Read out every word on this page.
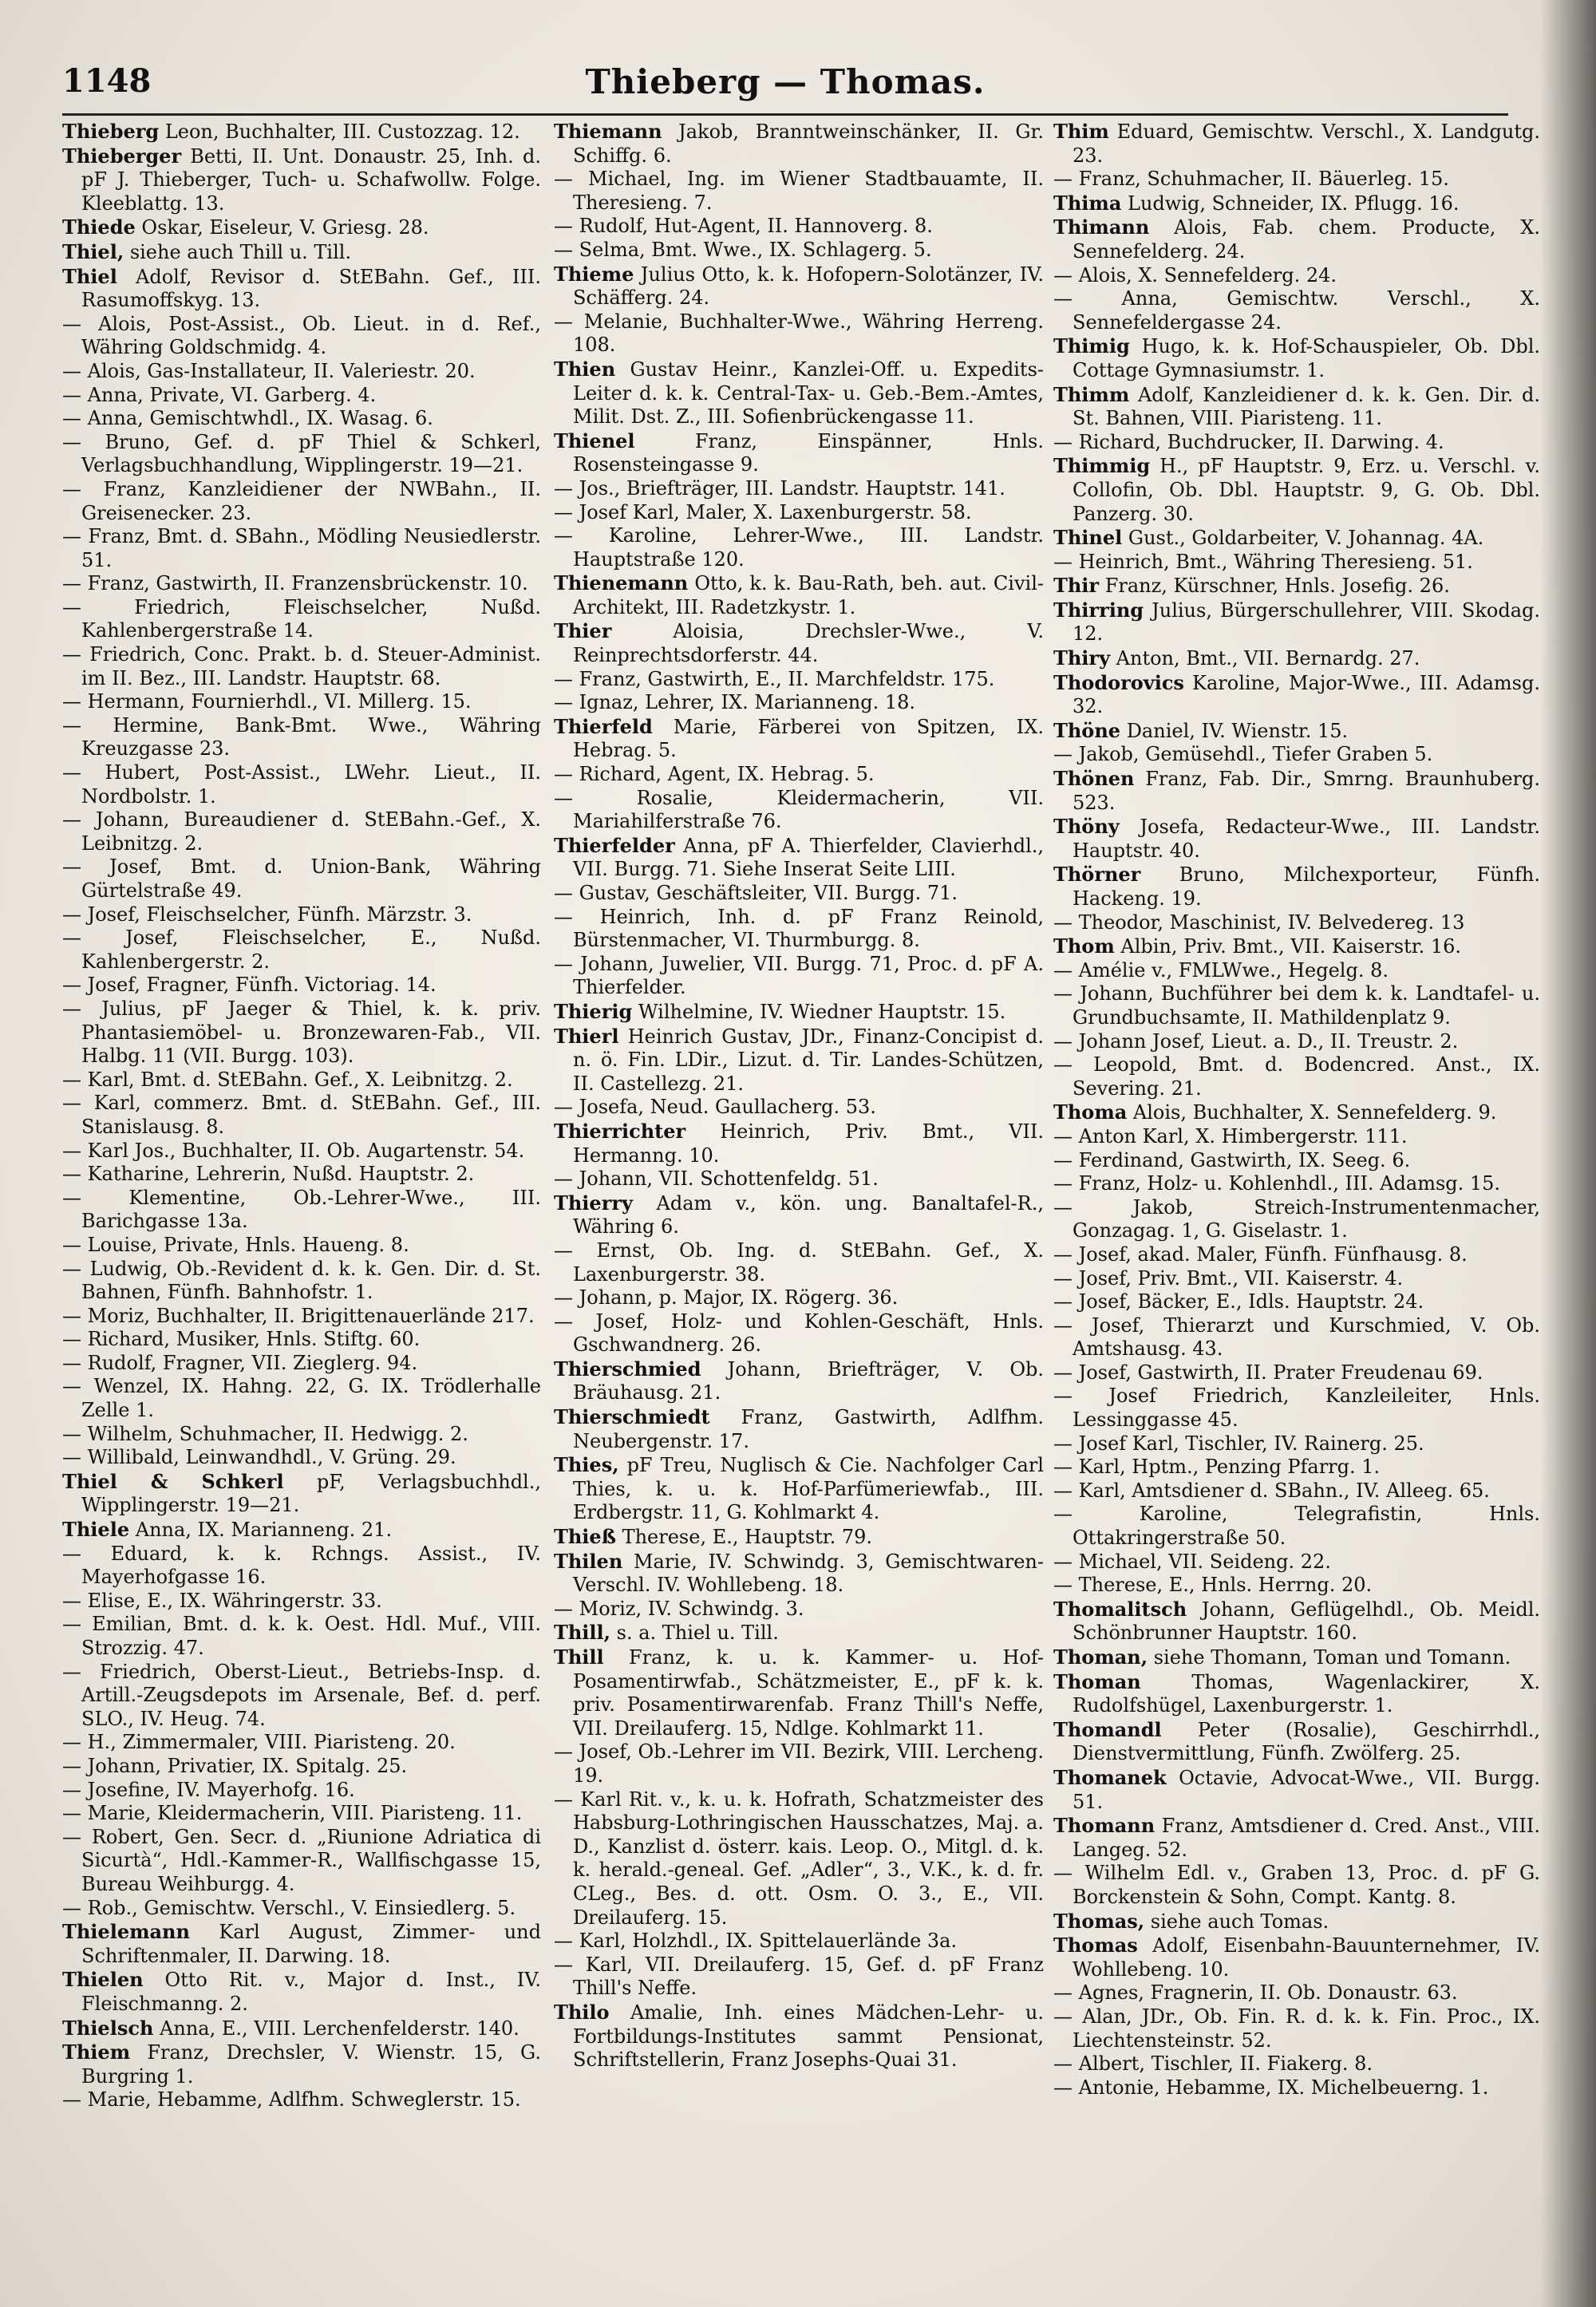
1148	Thieberg — Thomas.
Thieberg Leon, Buchhalter, III. Custozzag. 12.
Thieberger Betti, II. Unt. Donaustr. 25, Inh. d. pF J. Thieberger, Tuch- u. Schafwollw. Folge. Kleeblattg. 13.
Thiede Oskar, Eiseleur, V. Griesg. 28.
Thiel, siehe auch Thill u. Till.
Thiel Adolf, Revisor d. StEBahn. Gef., III. Rasumoffskyg. 13.
— Alois, Post-Assist., Ob. Lieut. in d. Ref., Währing Goldschmidg. 4.
— Alois, Gas-Installateur, II. Valeriestr. 20.
— Anna, Private, VI. Garberg. 4.
— Anna, Gemischtwhdl., IX. Wasag. 6.
— Bruno, Gef. d. pF Thiel & Schkerl, Verlagsbuchhandlung, Wipplingerstr. 19—21.
— Franz, Kanzleidiener der NWBahn., II. Greisenecker. 23.
— Franz, Bmt. d. SBahn., Mödling Neusiedlerstr. 51.
— Franz, Gastwirth, II. Franzensbrückenstr. 10.
— Friedrich, Fleischselcher, Nußd. Kahlenbergerstraße 14.
— Friedrich, Conc. Prakt. b. d. Steuer-Administ. im II. Bez., III. Landstr. Hauptstr. 68.
— Hermann, Fournierhdl., VI. Millerg. 15.
— Hermine, Bank-Bmt. Wwe., Währing Kreuzgasse 23.
— Hubert, Post-Assist., LWehr. Lieut., II. Nordbolstr. 1.
— Johann, Bureaudiener d. StEBahn.-Gef., X. Leibnitzg. 2.
— Josef, Bmt. d. Union-Bank, Währing Gürtelstraße 49.
— Josef, Fleischselcher, Fünfh. Märzstr. 3.
— Josef, Fleischselcher, E., Nußd. Kahlenbergerstr. 2.
— Josef, Fragner, Fünfh. Victoriag. 14.
— Julius, pF Jaeger & Thiel, k. k. priv. Phantasiemöbel- u. Bronzewaren-Fab., VII. Halbg. 11 (VII. Burgg. 103).
— Karl, Bmt. d. StEBahn. Gef., X. Leibnitzg. 2.
— Karl, commerz. Bmt. d. StEBahn. Gef., III. Stanislausg. 8.
— Karl Jos., Buchhalter, II. Ob. Augartenstr. 54.
— Katharine, Lehrerin, Nußd. Hauptstr. 2.
— Klementine, Ob.-Lehrer-Wwe., III. Barichgasse 13a.
— Louise, Private, Hnls. Haueng. 8.
— Ludwig, Ob.-Revident d. k. k. Gen. Dir. d. St. Bahnen, Fünfh. Bahnhofstr. 1.
— Moriz, Buchhalter, II. Brigittenauerlände 217.
— Richard, Musiker, Hnls. Stiftg. 60.
— Rudolf, Fragner, VII. Zieglerg. 94.
— Wenzel, IX. Hahng. 22, G. IX. Trödlerhalle Zelle 1.
— Wilhelm, Schuhmacher, II. Hedwigg. 2.
— Willibald, Leinwandhdl., V. Grüng. 29.
Thiel & Schkerl pF, Verlagsbuchhdl., Wipplingerstr. 19—21.
Thiele Anna, IX. Marianneng. 21.
— Eduard, k. k. Rchngs. Assist., IV. Mayerhofgasse 16.
— Elise, E., IX. Währingerstr. 33.
— Emilian, Bmt. d. k. k. Oest. Hdl. Muf., VIII. Strozzig. 47.
— Friedrich, Oberst-Lieut., Betriebs-Insp. d. Artill.-Zeugsdepots im Arsenale, Bef. d. perf. SLO., IV. Heug. 74.
— H., Zimmermaler, VIII. Piaristeng. 20.
— Johann, Privatier, IX. Spitalg. 25.
— Josefine, IV. Mayerhofg. 16.
— Marie, Kleidermacherin, VIII. Piaristeng. 11.
— Robert, Gen. Secr. d. „Riunione Adriatica di Sicurtà“, Hdl.-Kammer-R., Wallfischgasse 15, Bureau Weihburgg. 4.
— Rob., Gemischtw. Verschl., V. Einsiedlerg. 5.
Thielemann Karl August, Zimmer- und Schriftenmaler, II. Darwing. 18.
Thielen Otto Rit. v., Major d. Inst., IV. Fleischmanng. 2.
Thielsch Anna, E., VIII. Lerchenfelderstr. 140.
Thiem Franz, Drechsler, V. Wienstr. 15, G. Burgring 1.
— Marie, Hebamme, Adlfhm. Schweglerstr. 15.
Thiemann Jakob, Branntweinschänker, II. Gr. Schiffg. 6.
— Michael, Ing. im Wiener Stadtbauamte, II. Theresieng. 7.
— Rudolf, Hut-Agent, II. Hannoverg. 8.
— Selma, Bmt. Wwe., IX. Schlagerg. 5.
Thieme Julius Otto, k. k. Hofopern-Solotänzer, IV. Schäfferg. 24.
— Melanie, Buchhalter-Wwe., Währing Herreng. 108.
Thien Gustav Heinr., Kanzlei-Off. u. Expedits-Leiter d. k. k. Central-Tax- u. Geb.-Bem.-Amtes, Milit. Dst. Z., III. Sofienbrückengasse 11.
Thienel	Franz, Einspänner, Hnls. Rosensteingasse 9.
— Jos., Briefträger, III. Landstr. Hauptstr. 141.
— Josef Karl, Maler, X. Laxenburgerstr. 58.
— Karoline, Lehrer-Wwe., III. Landstr. Hauptstraße 120.
Thienemann Otto, k. k. Bau-Rath, beh. aut. Civil-Architekt, III. Radetzkystr. 1.
Thier	Aloisia, Drechsler-Wwe., V. Reinprechtsdorferstr. 44.
— Franz, Gastwirth, E., II. Marchfeldstr. 175.
— Ignaz, Lehrer, IX. Marianneng. 18.
Thierfeld Marie, Färberei von Spitzen, IX. Hebrag. 5.
— Richard, Agent, IX. Hebrag. 5.
— Rosalie, Kleidermacherin, VII. Mariahilferstraße 76.
Thierfelder Anna, pF A. Thierfelder, Clavierhdl., VII. Burgg. 71. Siehe Inserat Seite LIII.
— Gustav, Geschäftsleiter, VII. Burgg. 71.
— Heinrich, Inh. d. pF Franz Reinold, Bürstenmacher, VI. Thurmburgg. 8.
— Johann, Juwelier, VII. Burgg. 71, Proc. d. pF A. Thierfelder.
Thierig Wilhelmine, IV. Wiedner Hauptstr. 15.
Thierl Heinrich Gustav, JDr., Finanz-Concipist d. n. ö. Fin. LDir., Lizut. d. Tir. Landes-Schützen, II. Castellezg. 21.
— Josefa, Neud. Gaullacherg. 53.
Thierrichter Heinrich, Priv. Bmt., VII. Hermanng. 10.
— Johann, VII. Schottenfeldg. 51.
Thierry Adam v., kön. ung. Banaltafel-R., Währing 6.
— Ernst, Ob. Ing. d. StEBahn. Gef., X. Laxenburgerstr. 38.
— Johann, p. Major, IX. Rögerg. 36.
— Josef, Holz- und Kohlen-Geschäft, Hnls. Gschwandnerg. 26.
Thierschmied Johann, Briefträger, V. Ob. Bräuhausg. 21.
Thierschmiedt Franz, Gastwirth, Adlfhm. Neubergenstr. 17.
Thies, pF Treu, Nuglisch & Cie. Nachfolger Carl Thies, k. u. k. Hof-Parfümeriewfab., III. Erdbergstr. 11, G. Kohlmarkt 4.
Thieß Therese, E., Hauptstr. 79.
Thilen Marie, IV. Schwindg. 3, Gemischtwaren-Verschl. IV. Wohllebeng. 18.
— Moriz, IV. Schwindg. 3.
Thill, s. a. Thiel u. Till.
Thill Franz, k. u. k. Kammer- u. Hof-Posamentirwfab., Schätzmeister, E., pF k. k. priv. Posamentirwarenfab. Franz Thill's Neffe, VII. Dreilauferg. 15, Ndlge. Kohlmarkt 11.
— Josef, Ob.-Lehrer im VII. Bezirk, VIII. Lercheng. 19.
— Karl Rit. v., k. u. k. Hofrath, Schatzmeister des Habsburg-Lothringischen Hausschatzes, Maj. a. D., Kanzlist d. österr. kais. Leop. O., Mitgl. d. k. k. herald.-geneal. Gef. „Adler“, 3., V.K., k. d. fr. CLeg., Bes. d. ott. Osm. O. 3., E., VII. Dreilauferg. 15.
— Karl, Holzhdl., IX. Spittelauerlände 3a.
— Karl, VII. Dreilauferg. 15, Gef. d. pF Franz Thill's Neffe.
Thilo Amalie, Inh. eines Mädchen-Lehr- u. Fortbildungs-Institutes sammt Pensionat, Schriftstellerin, Franz Josephs-Quai 31.
Thim Eduard, Gemischtw. Verschl., X. Landgutg. 23.
— Franz, Schuhmacher, II. Bäuerleg. 15.
Thima Ludwig, Schneider, IX. Pflugg. 16.
Thimann Alois, Fab. chem. Producte, X. Sennefelderg. 24.
— Alois, X. Sennefelderg. 24.
— Anna, Gemischtw. Verschl., X. Sennefeldergasse 24.
Thimig Hugo, k. k. Hof-Schauspieler, Ob. Dbl. Cottage Gymnasiumstr. 1.
Thimm Adolf, Kanzleidiener d. k. k. Gen. Dir. d. St. Bahnen, VIII. Piaristeng. 11.
— Richard, Buchdrucker, II. Darwing. 4.
Thimmig H., pF Hauptstr. 9, Erz. u. Verschl. v. Collofin, Ob. Dbl. Hauptstr. 9, G. Ob. Dbl. Panzerg. 30.
Thinel Gust., Goldarbeiter, V. Johannag. 4A.
— Heinrich, Bmt., Währing Theresieng. 51.
Thir Franz, Kürschner, Hnls. Josefig. 26.
Thirring Julius, Bürgerschullehrer, VIII. Skodag. 12.
Thiry Anton, Bmt., VII. Bernardg. 27.
Thodorovics Karoline, Major-Wwe., III. Adamsg. 32.
Thöne Daniel, IV. Wienstr. 15.
— Jakob, Gemüsehdl., Tiefer Graben 5.
Thönen Franz, Fab. Dir., Smrng. Braunhuberg. 523.
Thöny Josefa, Redacteur-Wwe., III. Landstr. Hauptstr. 40.
Thörner Bruno, Milchexporteur, Fünfh. Hackeng. 19.
— Theodor, Maschinist, IV. Belvedereg. 13
Thom Albin, Priv. Bmt., VII. Kaiserstr. 16.
— Amélie v., FMLWwe., Hegelg. 8.
— Johann, Buchführer bei dem k. k. Landtafel- u. Grundbuchsamte, II. Mathildenplatz 9.
— Johann Josef, Lieut. a. D., II. Treustr. 2.
— Leopold, Bmt. d. Bodencred. Anst., IX. Severing. 21.
Thoma Alois, Buchhalter, X. Sennefelderg. 9.
— Anton Karl, X. Himbergerstr. 111.
— Ferdinand, Gastwirth, IX. Seeg. 6.
— Franz, Holz- u. Kohlenhdl., III. Adamsg. 15.
— Jakob, Streich-Instrumentenmacher, Gonzagag. 1, G. Giselastr. 1.
— Josef, akad. Maler, Fünfh. Fünfhausg. 8.
— Josef, Priv. Bmt., VII. Kaiserstr. 4.
— Josef, Bäcker, E., Idls. Hauptstr. 24.
— Josef, Thierarzt und Kurschmied, V. Ob. Amtshausg. 43.
— Josef, Gastwirth, II. Prater Freudenau 69.
— Josef Friedrich, Kanzleileiter, Hnls. Lessinggasse 45.
— Josef Karl, Tischler, IV. Rainerg. 25.
— Karl, Hptm., Penzing Pfarrg. 1.
— Karl, Amtsdiener d. SBahn., IV. Alleeg. 65.
— Karoline, Telegrafistin, Hnls. Ottakringerstraße 50.
— Michael, VII. Seideng. 22.
— Therese, E., Hnls. Herrng. 20.
Thomalitsch Johann, Geflügelhdl., Ob. Meidl. Schönbrunner Hauptstr. 160.
Thoman, siehe Thomann, Toman und Tomann.
Thoman	Thomas, Wagenlackirer, X. Rudolfshügel, Laxenburgerstr. 1.
Thomandl Peter (Rosalie), Geschirrhdl., Dienstvermittlung, Fünfh. Zwölferg. 25.
Thomanek Octavie, Advocat-Wwe., VII. Burgg. 51.
Thomann Franz, Amtsdiener d. Cred. Anst., VIII. Langeg. 52.
— Wilhelm Edl. v., Graben 13, Proc. d. pF G. Borckenstein & Sohn, Compt. Kantg. 8.
Thomas, siehe auch Tomas.
Thomas Adolf, Eisenbahn-Bauunternehmer, IV. Wohllebeng. 10.
— Agnes, Fragnerin, II. Ob. Donaustr. 63.
— Alan, JDr., Ob. Fin. R. d. k. k. Fin. Proc., IX. Liechtensteinstr. 52.
— Albert, Tischler, II. Fiakerg. 8.
— Antonie, Hebamme, IX. Michelbeuerng. 1.
